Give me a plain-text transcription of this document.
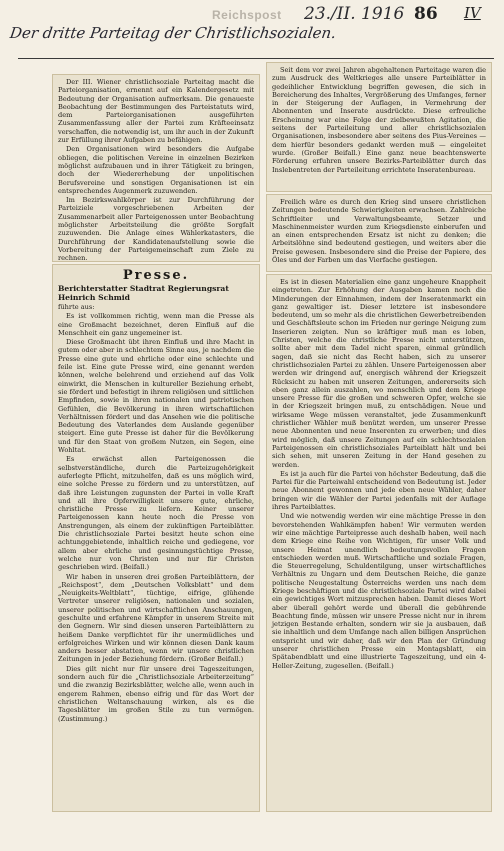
Reichspost 23./II. 1916 86 IV
Der dritte Parteitag der Christlichsozialen.

Der III. Wiener christlichsoziale Parteitag macht die Parteiorganisation, ernennt auf ein Kalendergesetz mit Bedeutung der Organisation aufmerksam. Die genaueste Beobachtung der Bestimmungen des Parteistatuts wird, dem Parteiorganisationen ausgeführten Zusammenfassung aller der Partei zum Kräfteeinsatz verschaffen, die notwendig ist, um ihr auch in der Zukunft zur Erfüllung ihrer Aufgaben zu befähigen.

Den Organisationen wird besonders die Aufgabe obliegen, die politischen Vereine in einzelnen Bezirken möglichst aufzubauen und in ihrer Tätigkeit zu bringen, doch der Wiedererhebung der unpolitischen Berufsvereine und sonstigen Organisationen ist ein entsprechendes Augenmerk zuzuwenden.

Im Bezirkswahlkörper ist zur Durchführung der Parteiziele vorgeschriebenen Arbeiten der Zusammenarbeit aller Parteigenossen unter Beobachtung möglichster Arbeitsteilung die größte Sorgfalt zuzuwenden. Die Anlage eines Wählerkatasters, die Durchführung der Kandidatenaufstellung sowie die Vorbereitung der Parteigemeinschaft zum Ziele zu rechnen.

Presse.

Berichterstatter Stadtrat Regierungsrat Heinrich Schmid

führte aus:

Es ist vollkommen richtig, wenn man die Presse als eine Großmacht bezeichnet, deren Einfluß auf die Menschheit ein ganz ungemeiner ist.

Diese Großmacht übt ihren Einfluß und ihre Macht in gutem oder aber in schlechtem Sinne aus, je nachdem die Presse eine gute und ehrliche oder eine schlechte und feile ist. Eine gute Presse wird, eine genannt werden können, welche belehrend und erziehend auf das Volk einwirkt, die Menschen in kultureller Beziehung erhebt, sie fördert und befestigt in ihrem religiösen und sittlichen Empfinden, sowie in ihren nationalen und patriotischen Gefühlen, die Bevölkerung in ihren wirtschaftlichen Verhältnissen fördert und das Ansehen wie die politische Bedeutung des Vaterlandes dem Auslande gegenüber steigert. Eine gute Presse ist daher für die Bevölkerung und für den Staat von großem Nutzen, ein Segen, eine Wohltat.

Es erwächst allen Parteigenossen die selbstverständliche, durch die Parteizugehörigkeit auferlegte Pflicht, mitzuhelfen, daß es uns möglich wird, eine solche Presse zu fördern und zu unterstützen, auf daß ihre Leistungen zugunsten der Partei in volle Kraft und all ihre Opferwilligkeit unsere gute, ehrliche, christliche Presse zu liefern. Keiner unserer Parteigenossen kann heute noch die Presse von Anstrengungen, als einem der zukünftigen Parteiblätter. Die christlichsoziale Partei besitzt heute schon eine achtunggebietende, inhaltlich reiche und gediegene, vor allem aber ehrliche und gesinnungstüchtige Presse, welche nur von Christen und nur für Christen geschrieben wird. (Beifall.)

Wir haben in unseren drei großen Parteiblättern, der „Reichspost“, dem „Deutschen Volksblatt“ und dem „Neuigkeits-Weltblatt“, tüchtige, eifrige, glühende Vertreter unserer religiösen, nationalen und sozialen, unserer politischen und wirtschaftlichen Anschauungen, geschulte und erfahrene Kämpfer in unserem Streite mit den Gegnern. Wir sind diesen unseren Parteiblättern zu heißem Danke verpflichtet für ihr unermüdliches und erfolgreiches Wirken und wir können diesen Dank kaum anders besser abstatten, wenn wir unsere christlichen Zeitungen in jeder Beziehung fördern. (Großer Beifall.)

Dies gilt nicht nur für unsere drei Tageszeitungen, sondern auch für die „Christlichsoziale Arbeiterzeitung“ und die zwanzig Bezirksblätter, welche alle, wenn auch in engerem Rahmen, ebenso eifrig und für das Wort der christlichen Weltanschauung wirken, als es die Tagesblätter im großen Stile zu tun vermögen. (Zustimmung.)

Seit dem vor zwei Jahren abgehaltenen Parteitage waren die zum Ausdruck des Weltkrieges alle unsere Parteiblätter in gedeihlicher Entwicklung begriffen gewesen, die sich in Bereicherung des Inhaltes, Vergrößerung des Umfanges, ferner in der Steigerung der Auflagen, in Vermehrung der Abonnenten und Inserate ausdrückte. Diese erfreuliche Erscheinung war eine Folge der zielbewußten Agitation, die seitens der Parteileitung und aller christlichsozialen Organisationen, insbesondere aber seitens des Pius-Vereines — dem hierfür besonders gedankt werden muß — eingeleitet wurde. (Großer Beifall.) Eine ganz neue beachtenswerte Förderung erfuhren unsere Bezirks-Parteiblätter durch das Inslebentreten der Parteileitung errichtete Inseratenbureau.

Freilich wäre es durch den Krieg sind unsere christlichen Zeitungen bedeutende Schwierigkeiten erwachsen. Zahlreiche Schriftleiter und Verwaltungsbeamte, Setzer und Maschinenmeister wurden zum Kriegsdienste einberufen und an einen entsprechenden Ersatz ist nicht zu denken; die Arbeitslöhne sind bedeutend gestiegen, und weiters aber die Preise gewesen. Insbesondere sind die Preise der Papiere, des Öles und der Farben um das Vierfache gestiegen.

Es ist in diesen Materialien eine ganz ungeheure Knappheit eingetreten. Zur Erhöhung der Ausgaben kamen noch die Minderungen der Einnahmen, indem der Inseratenmarkt ein ganz gewaltiger ist. Dieser letztere ist insbesondere bedeutend, um so mehr als die christlichen Gewerbetreibenden und Geschäftsleute schon im Frieden nur geringe Neigung zum Inserieren zeigten. Nun so kräftiger muß man es loben, Christen, welche die christliche Presse nicht unterstützen, sollte aber mit dem Tadel nicht sparen, einmal gründlich sagen, daß sie nicht das Recht haben, sich zu unserer christlichsozialen Partei zu zählen. Unsere Parteigenossen aber werden wir dringend auf, energisch während der Kriegszeit Rücksicht zu haben mit unseren Zeitungen, andererseits sich eben ganz allein auszahlen, wo menschlich und dem Kriege unsere Presse für die großen und schweren Opfer, welche sie in der Kriegszeit bringen muß, zu entschädigen. Neue und wirksame Wege müssen veranstaltet, jede Zusammenkunft christlicher Wähler muß benützt werden, um unserer Presse neue Abonnenten und neue Inserenten zu erwerben; und dies wird möglich, daß unsere Zeitungen auf ein schlechtsozialen Parteigenossen ein christlichsoziales Parteiblatt hält und bei sich sehen, mit unseren Zeitung in der Hand gesehen zu werden.

Es ist ja auch für die Partei von höchster Bedeutung, daß die Partei für die Parteiwahl entscheidend von Bedeutung ist. Jeder neue Abonnent gewonnen und jede eben neue Wähler, daher bringen wir die Wähler der Partei jedenfalls mit der Auflage ihres Parteiblattes.

Und wie notwendig werden wir eine mächtige Presse in den bevorstehenden Wahlkämpfen haben! Wir vermuten werden wir eine mächtige Parteipresse auch deshalb haben, weil nach dem Kriege eine Reihe von Wichtigen, für unser Volk und unsere Heimat unendlich bedeutungsvollen Fragen entschieden werden muß. Wirtschaftliche und soziale Fragen, die Steuerregelung, Schuldentilgung, unser wirtschaftliches Verhältnis zu Ungarn und dem Deutschen Reiche, die ganze politische Neugestaltung Österreichs werden uns nach dem Kriege beschäftigen und die christlichsoziale Partei wird dabei ein gewichtiges Wort mitzusprechen haben. Damit dieses Wort aber überall gehört werde und überall die gebührende Beachtung finde, müssen wir unsere Presse nicht nur in ihrem jetzigen Bestande erhalten, sondern wir sie ja ausbauen, daß sie inhaltlich und dem Umfange nach allen billigen Ansprüchen entspricht und wir daher, daß wir den Plan der Gründung unserer christlichen Presse ein Montagsblatt, ein Spätabendblatt und eine illustrierte Tageszeitung, und ein 4-Heller-Zeitung, zugesellen. (Beifall.)
